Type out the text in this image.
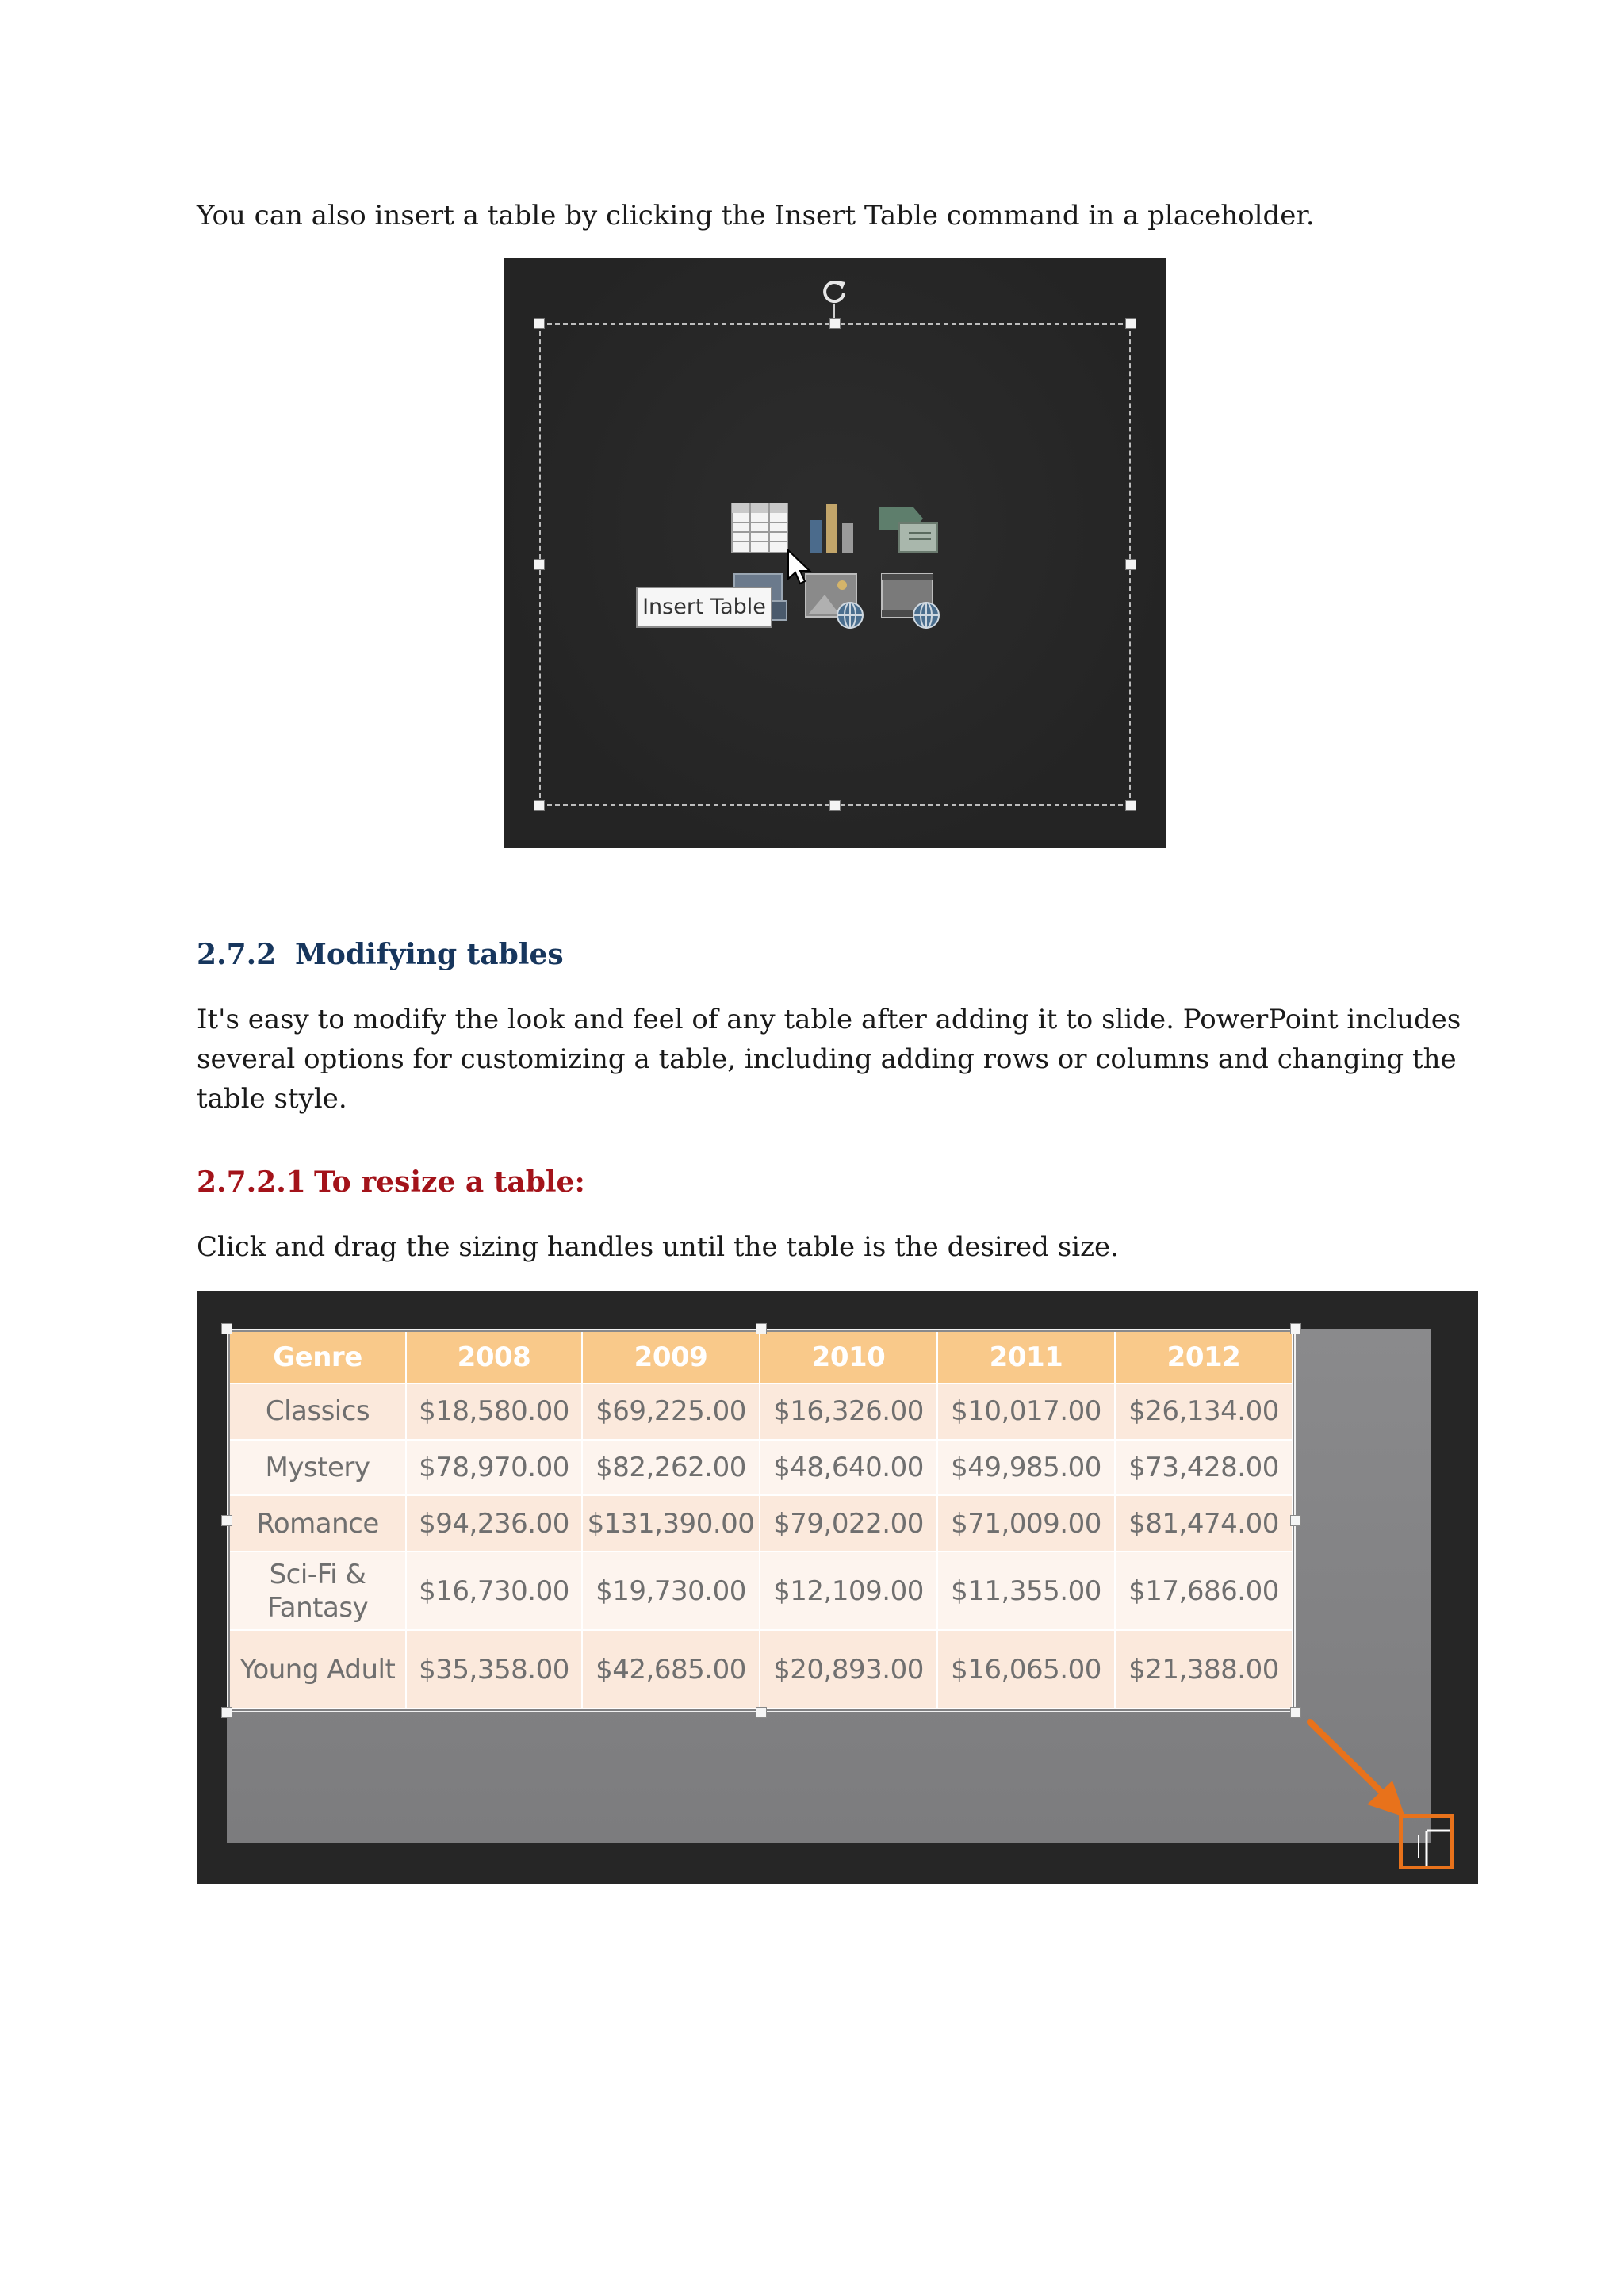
You can also insert a table by clicking the Insert Table command in a placeholder.

Insert Table
2.7.2 Modifying tables

It's easy to modify the look and feel of any table after adding it to slide. PowerPoint includes several options for customizing a table, including adding rows or columns and changing the table style.

2.7.2.1 To resize a table:

Click and drag the sizing handles until the table is the desired size.

Genre	2008	2009	2010	2011	2012
Classics	$18,580.00	$69,225.00	$16,326.00	$10,017.00	$26,134.00
Mystery	$78,970.00	$82,262.00	$48,640.00	$49,985.00	$73,428.00
Romance	$94,236.00	$131,390.00	$79,022.00	$71,009.00	$81,474.00
Sci-Fi & Fantasy	$16,730.00	$19,730.00	$12,109.00	$11,355.00	$17,686.00
Young Adult	$35,358.00	$42,685.00	$20,893.00	$16,065.00	$21,388.00
